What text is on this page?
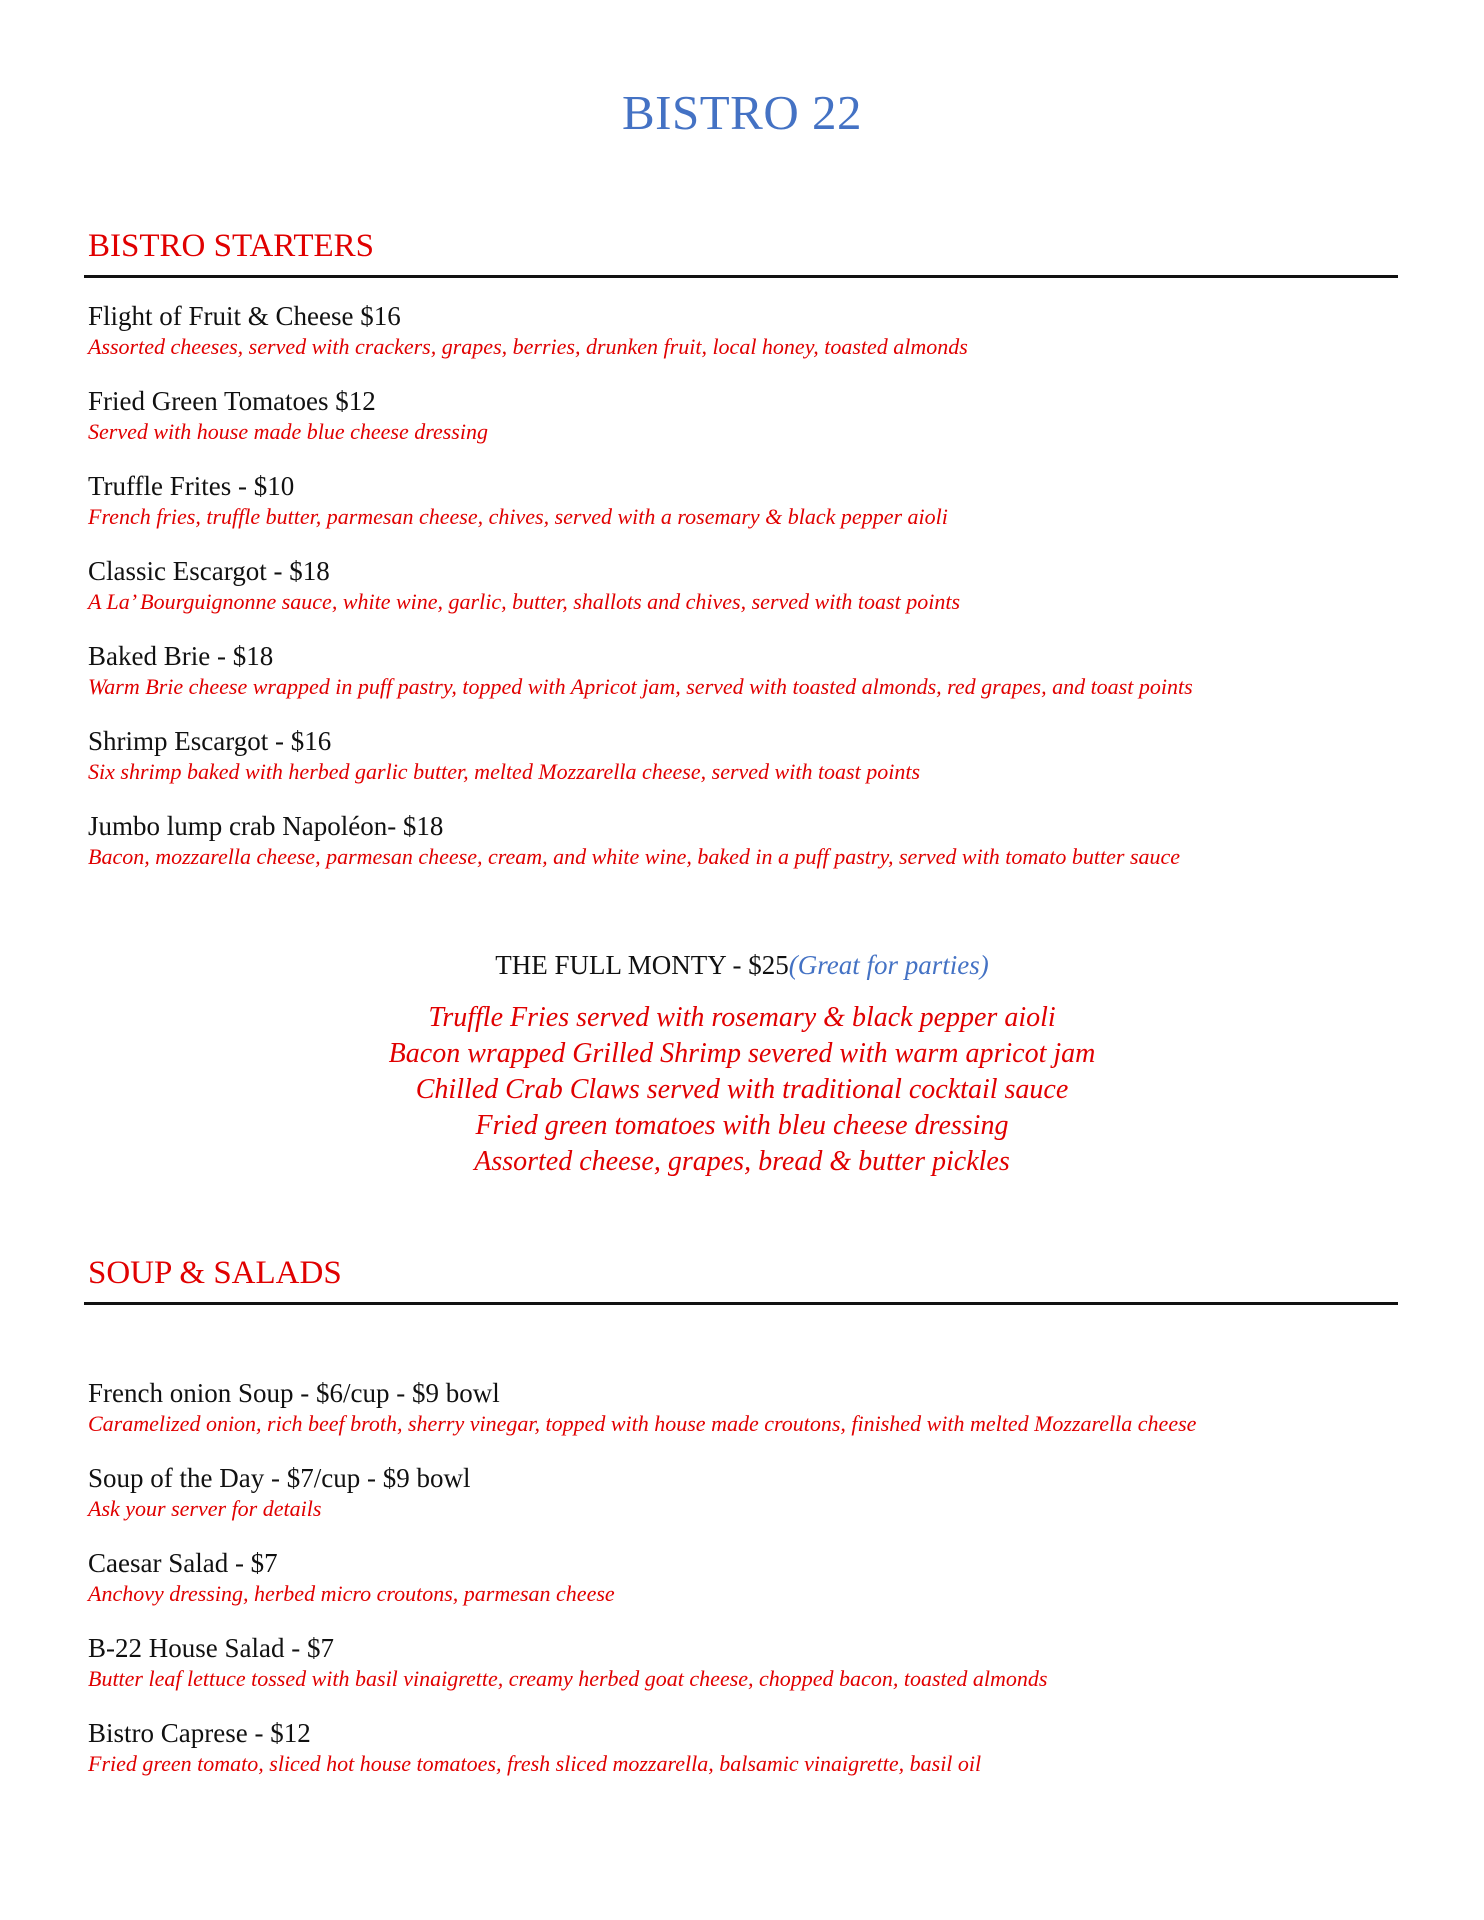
BISTRO 22
BISTRO STARTERS
Flight of Fruit & Cheese $16
Assorted cheeses, served with crackers, grapes, berries, drunken fruit, local honey, toasted almonds
Fried Green Tomatoes $12
Served with house made blue cheese dressing
Truffle Frites - $10
French fries, truffle butter, parmesan cheese, chives, served with a rosemary & black pepper aioli
Classic Escargot - $18
A La’ Bourguignonne sauce, white wine, garlic, butter, shallots and chives, served with toast points
Baked Brie - $18
Warm Brie cheese wrapped in puff pastry, topped with Apricot jam, served with toasted almonds, red grapes, and toast points
Shrimp Escargot - $16
Six shrimp baked with herbed garlic butter, melted Mozzarella cheese, served with toast points
Jumbo lump crab Napoléon- $18
Bacon, mozzarella cheese, parmesan cheese, cream, and white wine, baked in a puff pastry, served with tomato butter sauce

THE FULL MONTY - $25(Great for parties)

Truffle Fries served with rosemary & black pepper aioli
Bacon wrapped Grilled Shrimp severed with warm apricot jam
Chilled Crab Claws served with traditional cocktail sauce
Fried green tomatoes with bleu cheese dressing
Assorted cheese, grapes, bread & butter pickles
SOUP & SALADS
French onion Soup - $6/cup - $9 bowl
Caramelized onion, rich beef broth, sherry vinegar, topped with house made croutons, finished with melted Mozzarella cheese
Soup of the Day - $7/cup - $9 bowl
Ask your server for details
Caesar Salad - $7
Anchovy dressing, herbed micro croutons, parmesan cheese
B-22 House Salad - $7
Butter leaf lettuce tossed with basil vinaigrette, creamy herbed goat cheese, chopped bacon, toasted almonds
Bistro Caprese - $12
Fried green tomato, sliced hot house tomatoes, fresh sliced mozzarella, balsamic vinaigrette, basil oil
